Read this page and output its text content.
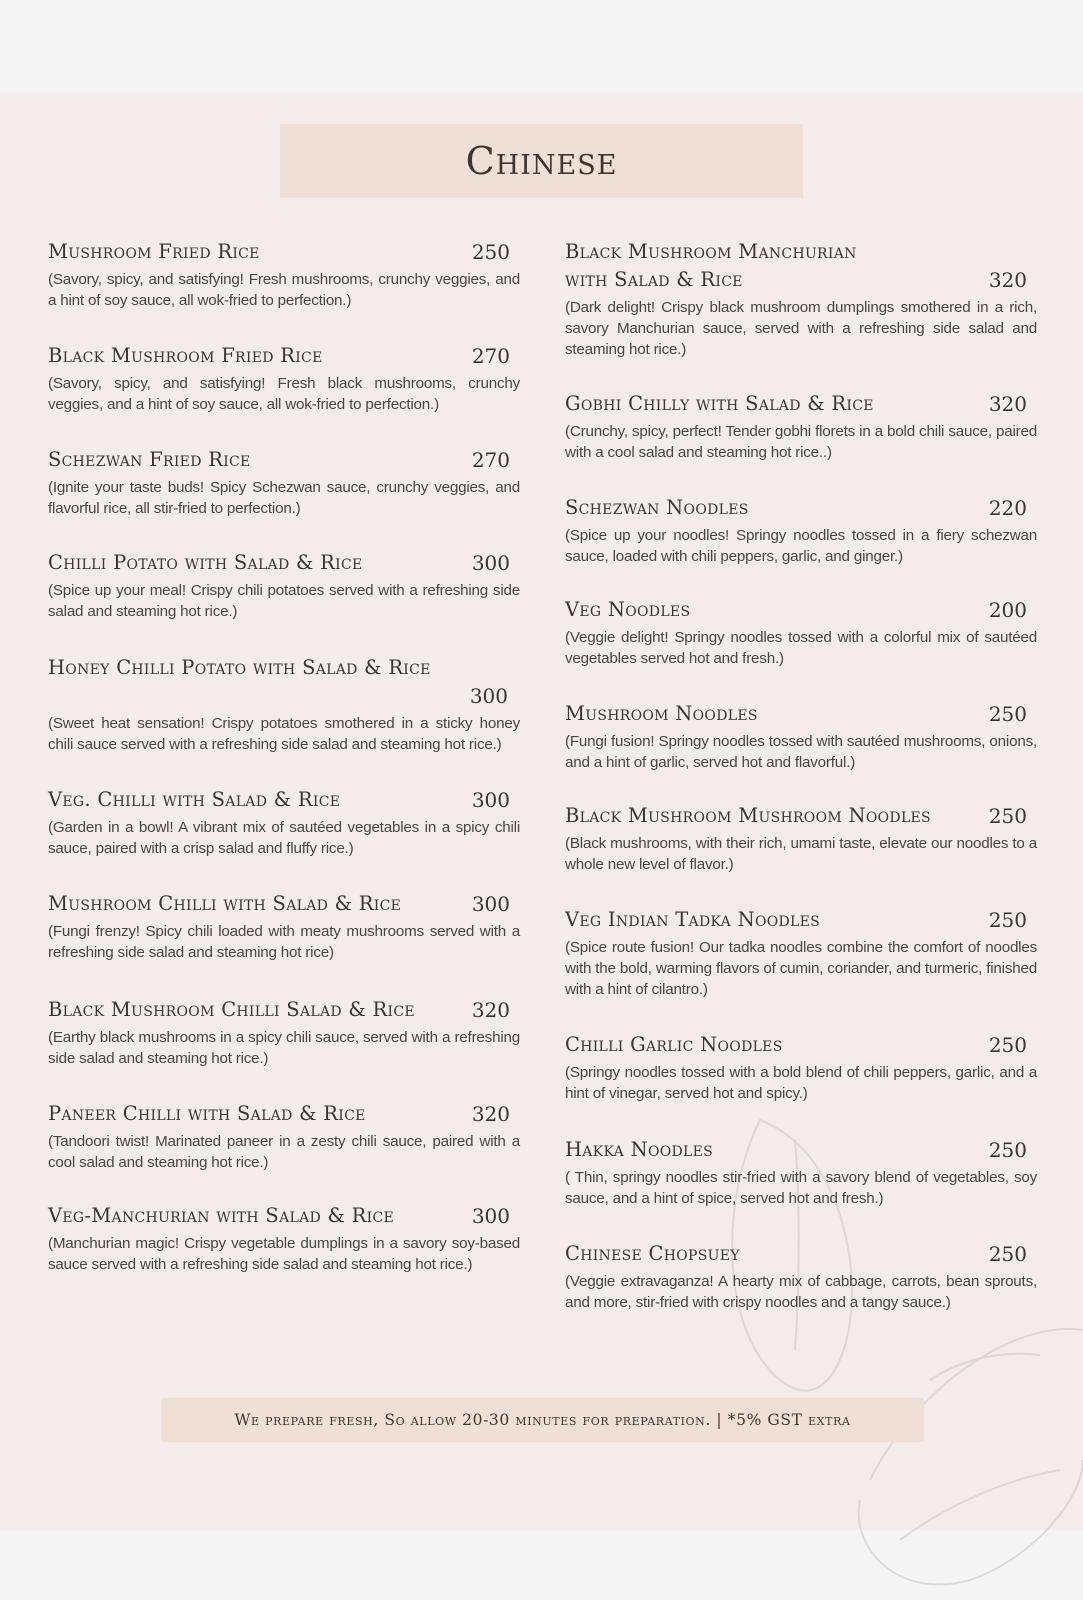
Chinese
Mushroom Fried Rice	250
(Savory, spicy, and satisfying! Fresh mushrooms, crunchy veggies, and a hint of soy sauce, all wok-fried to perfection.)
Black Mushroom Fried Rice	270
(Savory, spicy, and satisfying! Fresh black mushrooms, crunchy veggies, and a hint of soy sauce, all wok-fried to perfection.)
Schezwan Fried Rice	270
(Ignite your taste buds! Spicy Schezwan sauce, crunchy veggies, and flavorful rice, all stir-fried to perfection.)
Chilli Potato with Salad & Rice	300
(Spice up your meal! Crispy chili potatoes served with a refreshing side salad and steaming hot rice.)
Honey Chilli Potato with Salad & Rice
300
(Sweet heat sensation! Crispy potatoes smothered in a sticky honey chili sauce served with a refreshing side salad and steaming hot rice.)
Veg. Chilli with Salad & Rice	300
(Garden in a bowl! A vibrant mix of sautéed vegetables in a spicy chili sauce, paired with a crisp salad and fluffy rice.)
Mushroom Chilli with Salad & Rice	300
(Fungi frenzy! Spicy chili loaded with meaty mushrooms served with a refreshing side salad and steaming hot rice)
Black Mushroom Chilli Salad & Rice	320
(Earthy black mushrooms in a spicy chili sauce, served with a refreshing side salad and steaming hot rice.)
Paneer Chilli with Salad & Rice	320
(Tandoori twist! Marinated paneer in a zesty chili sauce, paired with a cool salad and steaming hot rice.)
Veg-Manchurian with Salad & Rice	300
(Manchurian magic! Crispy vegetable dumplings in a savory soy-based sauce served with a refreshing side salad and steaming hot rice.)
Black Mushroom Manchurian
with Salad & Rice	320
(Dark delight! Crispy black mushroom dumplings smothered in a rich, savory Manchurian sauce, served with a refreshing side salad and steaming hot rice.)
Gobhi Chilly with Salad & Rice	320
(Crunchy, spicy, perfect! Tender gobhi florets in a bold chili sauce, paired with a cool salad and steaming hot rice..)
Schezwan Noodles	220
(Spice up your noodles! Springy noodles tossed in a fiery schezwan sauce, loaded with chili peppers, garlic, and ginger.)
Veg Noodles	200
(Veggie delight! Springy noodles tossed with a colorful mix of sautéed vegetables served hot and fresh.)
Mushroom Noodles	250
(Fungi fusion! Springy noodles tossed with sautéed mushrooms, onions, and a hint of garlic, served hot and flavorful.)
Black Mushroom Mushroom Noodles	250
(Black mushrooms, with their rich, umami taste, elevate our noodles to a whole new level of flavor.)
Veg Indian Tadka Noodles	250
(Spice route fusion! Our tadka noodles combine the comfort of noodles with the bold, warming flavors of cumin, coriander, and turmeric, finished with a hint of cilantro.)
Chilli Garlic Noodles	250
(Springy noodles tossed with a bold blend of chili peppers, garlic, and a hint of vinegar, served hot and spicy.)
Hakka Noodles	250
( Thin, springy noodles stir-fried with a savory blend of vegetables, soy sauce, and a hint of spice, served hot and fresh.)
Chinese Chopsuey	250
(Veggie extravaganza! A hearty mix of cabbage, carrots, bean sprouts, and more, stir-fried with crispy noodles and a tangy sauce.)
We prepare fresh, So allow 20-30 minutes for preparation. | *5% GST extra
